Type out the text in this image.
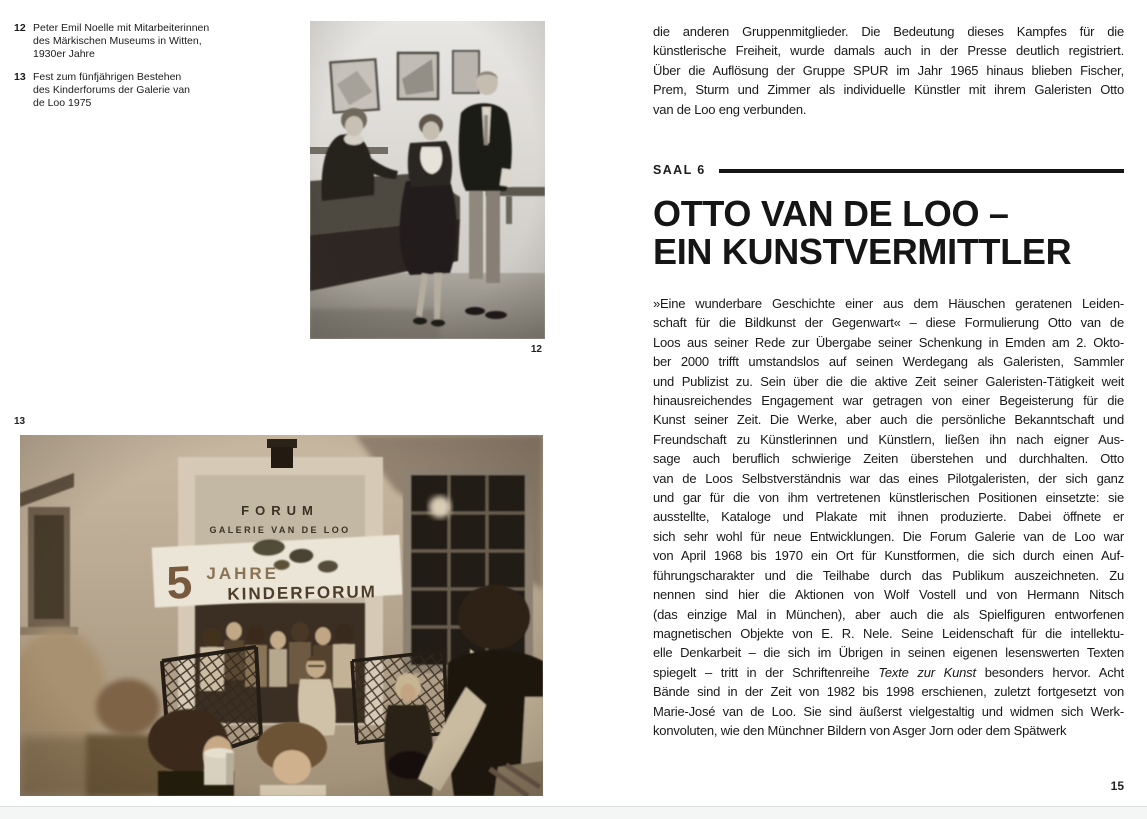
12 Peter Emil Noelle mit Mitarbeiterinnen
des Märkischen Museums in Witten,
1930er Jahre
13 Fest zum fünfjährigen Bestehen
des Kinderforums der Galerie van
de Loo 1975
12
13
die anderen Gruppenmitglieder. Die Bedeutung dieses Kampfes für die
künstlerische Freiheit, wurde damals auch in der Presse deutlich registriert.
Über die Auflösung der Gruppe SPUR im Jahr 1965 hinaus blieben Fischer,
Prem, Sturm und Zimmer als individuelle Künstler mit ihrem Galeristen Otto
van de Loo eng verbunden.
SAAL 6
OTTO VAN DE LOO –
EIN KUNSTVERMITTLER
»Eine wunderbare Geschichte einer aus dem Häuschen geratenen Leiden-
schaft für die Bildkunst der Gegenwart« – diese Formulierung Otto van de
Loos aus seiner Rede zur Übergabe seiner Schenkung in Emden am 2. Okto-
ber 2000 trifft umstandslos auf seinen Werdegang als Galeristen, Sammler
und Publizist zu. Sein über die die aktive Zeit seiner Galeristen-Tätigkeit weit
hinausreichendes Engagement war getragen von einer Begeisterung für die
Kunst seiner Zeit. Die Werke, aber auch die persönliche Bekanntschaft und
Freundschaft zu Künstlerinnen und Künstlern, ließen ihn nach eigner Aus-
sage auch beruflich schwierige Zeiten überstehen und durchhalten. Otto
van de Loos Selbstverständnis war das eines Pilotgaleristen, der sich ganz
und gar für die von ihm vertretenen künstlerischen Positionen einsetzte: sie
ausstellte, Kataloge und Plakate mit ihnen produzierte. Dabei öffnete er
sich sehr wohl für neue Entwicklungen. Die Forum Galerie van de Loo war
von April 1968 bis 1970 ein Ort für Kunstformen, die sich durch einen Auf-
führungscharakter und die Teilhabe durch das Publikum auszeichneten. Zu
nennen sind hier die Aktionen von Wolf Vostell und von Hermann Nitsch
(das einzige Mal in München), aber auch die als Spielfiguren entworfenen
magnetischen Objekte von E. R. Nele. Seine Leidenschaft für die intellektu-
elle Denkarbeit – die sich im Übrigen in seinen eigenen lesenswerten Texten
spiegelt – tritt in der Schriftenreihe Texte zur Kunst besonders hervor. Acht
Bände sind in der Zeit von 1982 bis 1998 erschienen, zuletzt fortgesetzt von
Marie-José van de Loo. Sie sind äußerst vielgestaltig und widmen sich Werk-
konvoluten, wie den Münchner Bildern von Asger Jorn oder dem Spätwerk
15
